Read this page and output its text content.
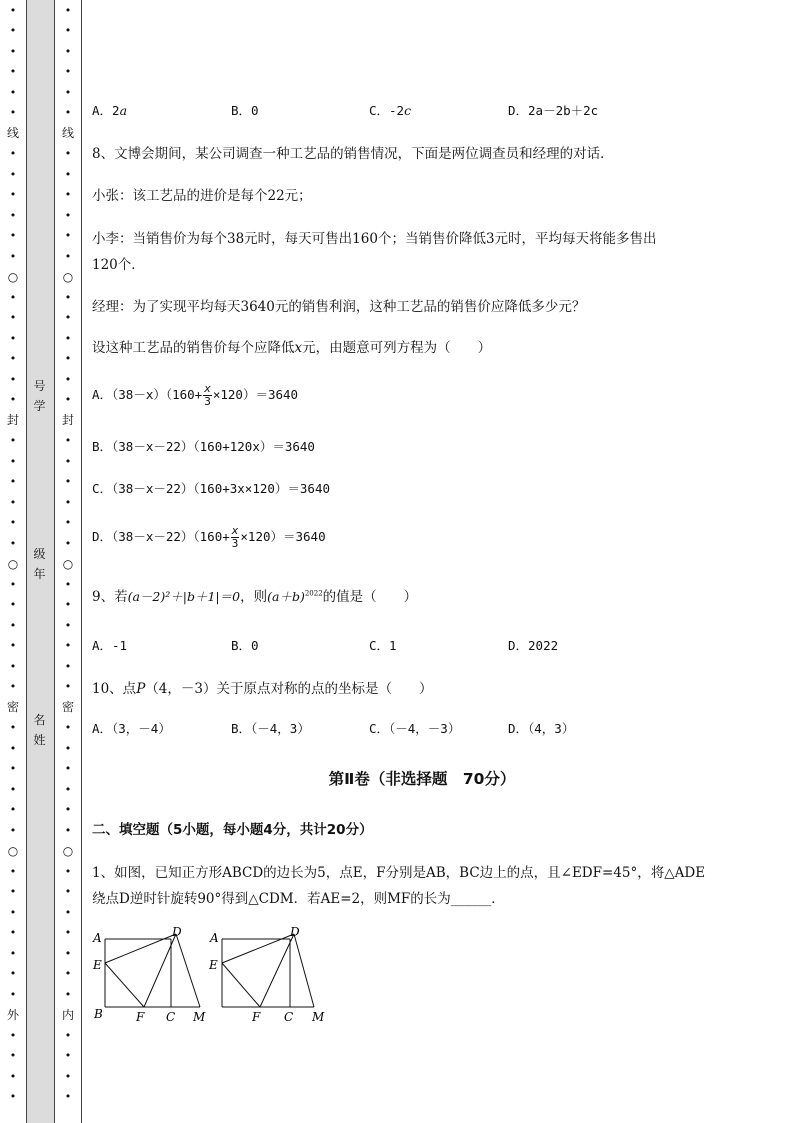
•
•
•
•
•
•
线
•
•
•
•
•
•
○
•
•
•
•
•
•
封
•
•
•
•
•
•
○
•
•
•
•
•
•
密
•
•
•
•
•
•
○
•
•
•
•
•
•
•
外
•
•
•
•
•
•
•
•
•
•
线
•
•
•
•
•
•
○
•
•
•
•
•
•
封
•
•
•
•
•
•
○
•
•
•
•
•
•
密
•
•
•
•
•
•
○
•
•
•
•
•
•
•
内
•
•
•
•
号
学
级
年
名
姓
A．2a	B．0	C．-2c	D．2a－2b＋2c
8、文博会期间，某公司调查一种工艺品的销售情况，下面是两位调查员和经理的对话．
小张：该工艺品的进价是每个22元；
小李：当销售价为每个38元时，每天可售出160个；当销售价降低3元时，平均每天将能多售出
120个．
经理：为了实现平均每天3640元的销售利润，这种工艺品的销售价应降低多少元？
设这种工艺品的销售价每个应降低x元，由题意可列方程为（　　）
A．$(38-x)(160+ \frac{x}{3} \times 120)=3640$
B．（38－x－22）（160+120x）＝3640
C．（38－x－22）（160+3x×120）＝3640
D．$(38-x-22)(160+ \frac{x}{3} \times 120)=3640$
9、若(a－2)²＋|b＋1|＝0，则$(a+b)^{2022}$的值是（　　）
A．-1	B．0	C．1	D．2022
10、点P（4，－3）关于原点对称的点的坐标是（　　）
A．（3，－4）	B．（－4，3）	C．（－4，－3）	D．（4，3）
第Ⅱ卷（非选择题　70分）
二、填空题（5小题，每小题4分，共计20分）
1、如图，已知正方形ABCD的边长为5，点E，F分别是AB，BC边上的点，且∠EDF=45°，将△ADE
绕点D逆时针旋转90°得到△CDM．若AE=2，则MF的长为______．
A	D
E
B	F C M
A	D
E
F C M
